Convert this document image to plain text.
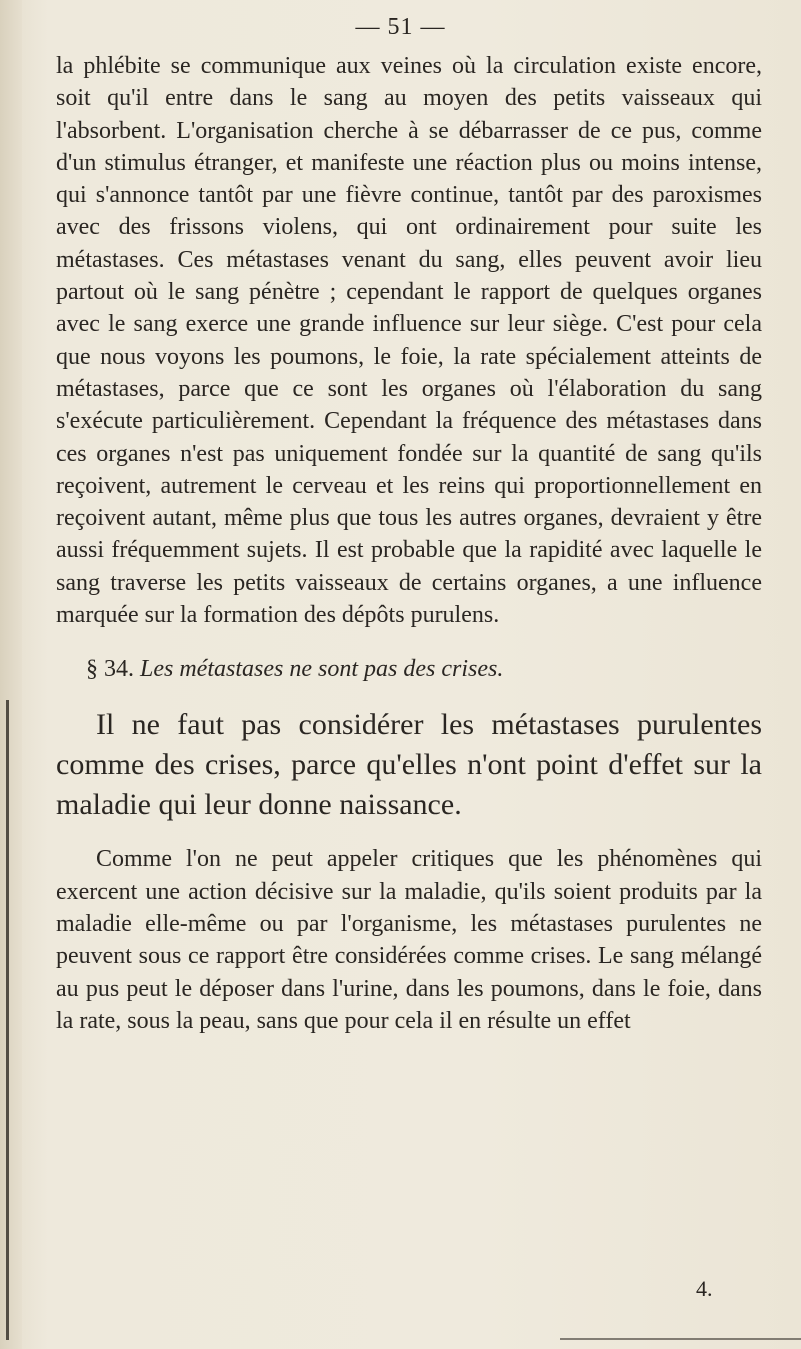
— 51 —

la phlébite se communique aux veines où la circulation existe encore, soit qu'il entre dans le sang au moyen des petits vaisseaux qui l'absorbent. L'organisation cherche à se débarrasser de ce pus, comme d'un stimulus étranger, et manifeste une réaction plus ou moins intense, qui s'annonce tantôt par une fièvre continue, tantôt par des paroxismes avec des frissons violens, qui ont ordinairement pour suite les métastases. Ces métastases venant du sang, elles peuvent avoir lieu partout où le sang pénètre ; cependant le rapport de quelques organes avec le sang exerce une grande influence sur leur siège. C'est pour cela que nous voyons les poumons, le foie, la rate spécialement atteints de métastases, parce que ce sont les organes où l'élaboration du sang s'exécute particulièrement. Cependant la fréquence des métastases dans ces organes n'est pas uniquement fondée sur la quantité de sang qu'ils reçoivent, autrement le cerveau et les reins qui proportionnellement en reçoivent autant, même plus que tous les autres organes, devraient y être aussi fréquemment sujets. Il est probable que la rapidité avec laquelle le sang traverse les petits vaisseaux de certains organes, a une influence marquée sur la formation des dépôts purulens.

§ 34. Les métastases ne sont pas des crises.

Il ne faut pas considérer les métastases purulentes comme des crises, parce qu'elles n'ont point d'effet sur la maladie qui leur donne naissance.

Comme l'on ne peut appeler critiques que les phénomènes qui exercent une action décisive sur la maladie, qu'ils soient produits par la maladie elle-même ou par l'organisme, les métastases purulentes ne peuvent sous ce rapport être considérées comme crises. Le sang mélangé au pus peut le déposer dans l'urine, dans les poumons, dans le foie, dans la rate, sous la peau, sans que pour cela il en résulte un effet

4.
